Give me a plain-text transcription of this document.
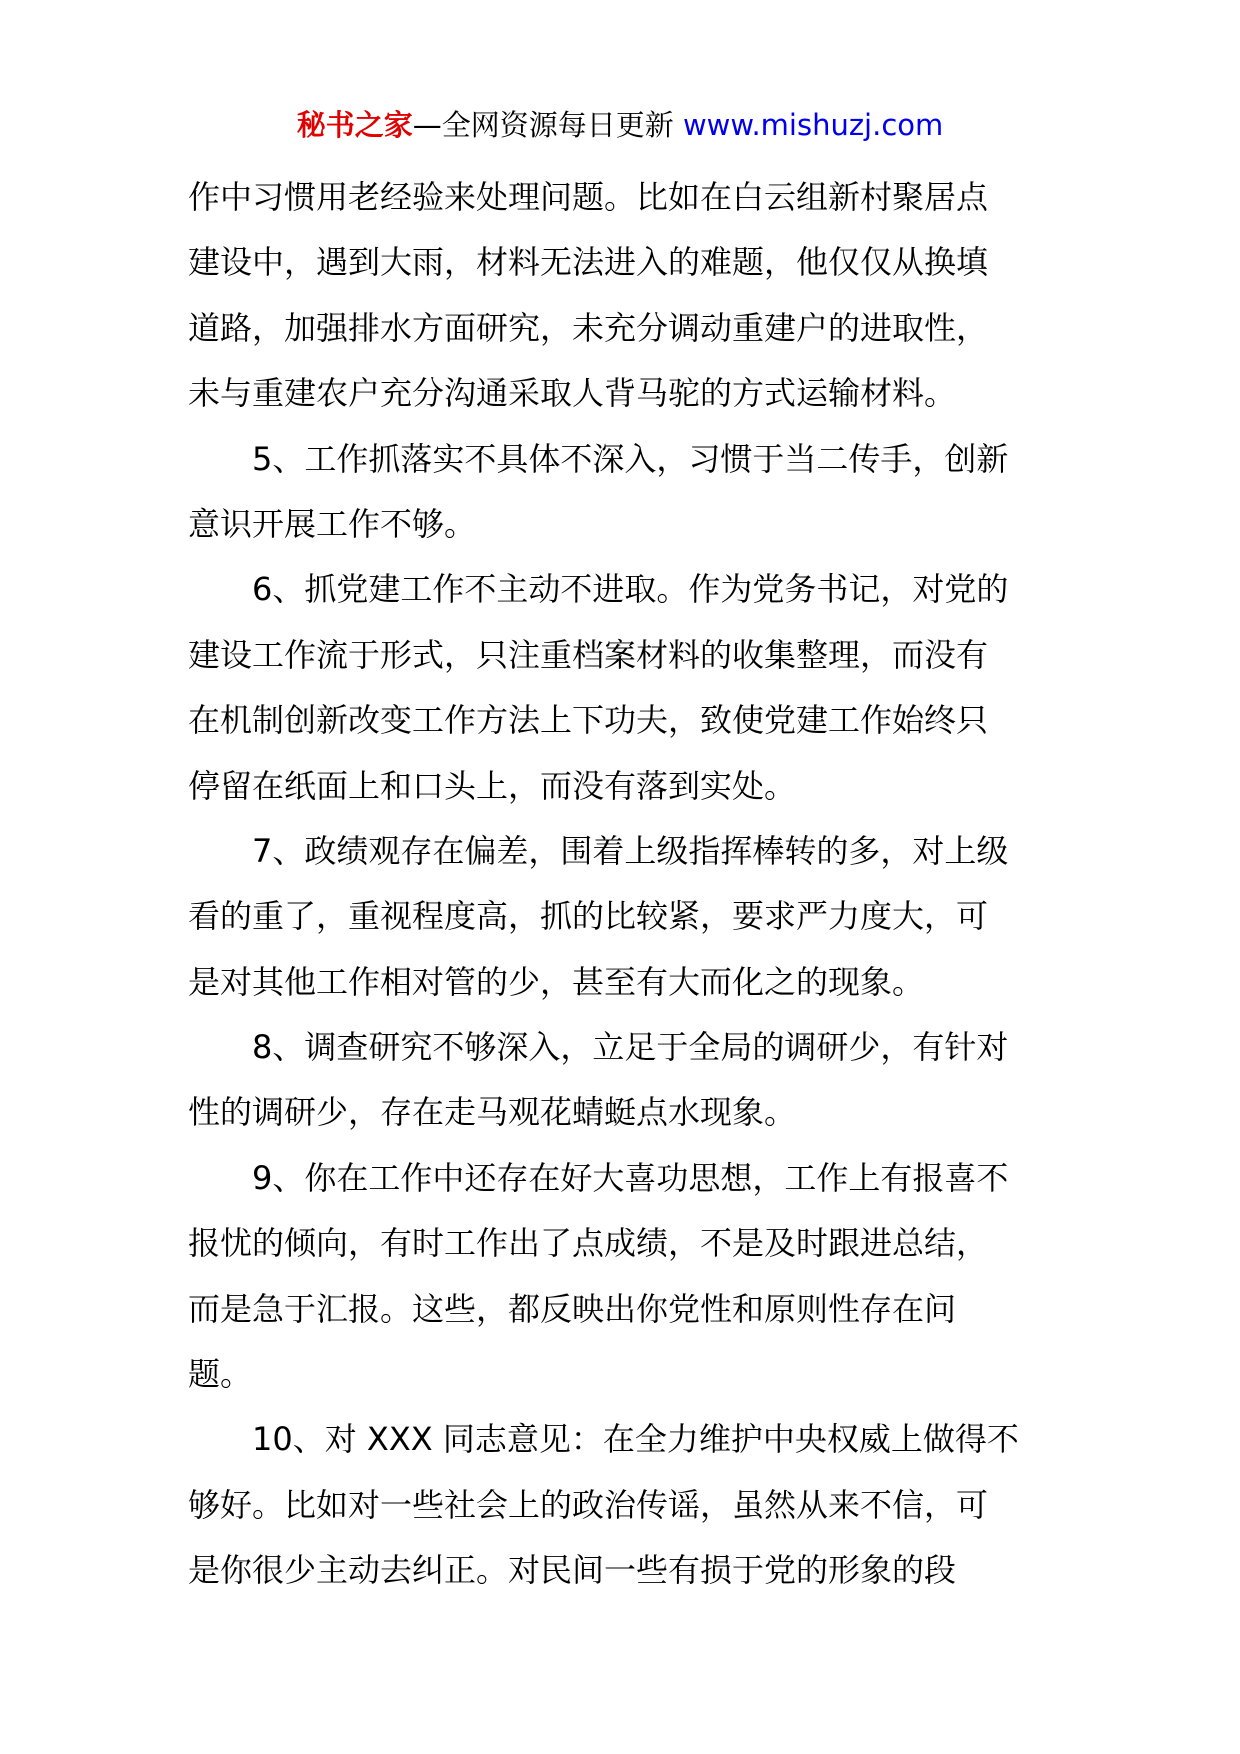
秘书之家—全网资源每日更新 www.mishuzj.com
作中习惯用老经验来处理问题。比如在白云组新村聚居点
建设中，遇到大雨，材料无法进入的难题，他仅仅从换填
道路，加强排水方面研究，未充分调动重建户的进取性，
未与重建农户充分沟通采取人背马驼的方式运输材料。
5、工作抓落实不具体不深入，习惯于当二传手，创新
意识开展工作不够。
6、抓党建工作不主动不进取。作为党务书记，对党的
建设工作流于形式，只注重档案材料的收集整理，而没有
在机制创新改变工作方法上下功夫，致使党建工作始终只
停留在纸面上和口头上，而没有落到实处。
7、政绩观存在偏差，围着上级指挥棒转的多，对上级
看的重了，重视程度高，抓的比较紧，要求严力度大，可
是对其他工作相对管的少，甚至有大而化之的现象。
8、调查研究不够深入，立足于全局的调研少，有针对
性的调研少，存在走马观花蜻蜓点水现象。
9、你在工作中还存在好大喜功思想，工作上有报喜不
报忧的倾向，有时工作出了点成绩，不是及时跟进总结，
而是急于汇报。这些，都反映出你党性和原则性存在问
题。
10、对 XXX 同志意见：在全力维护中央权威上做得不
够好。比如对一些社会上的政治传谣，虽然从来不信，可
是你很少主动去纠正。对民间一些有损于党的形象的段
